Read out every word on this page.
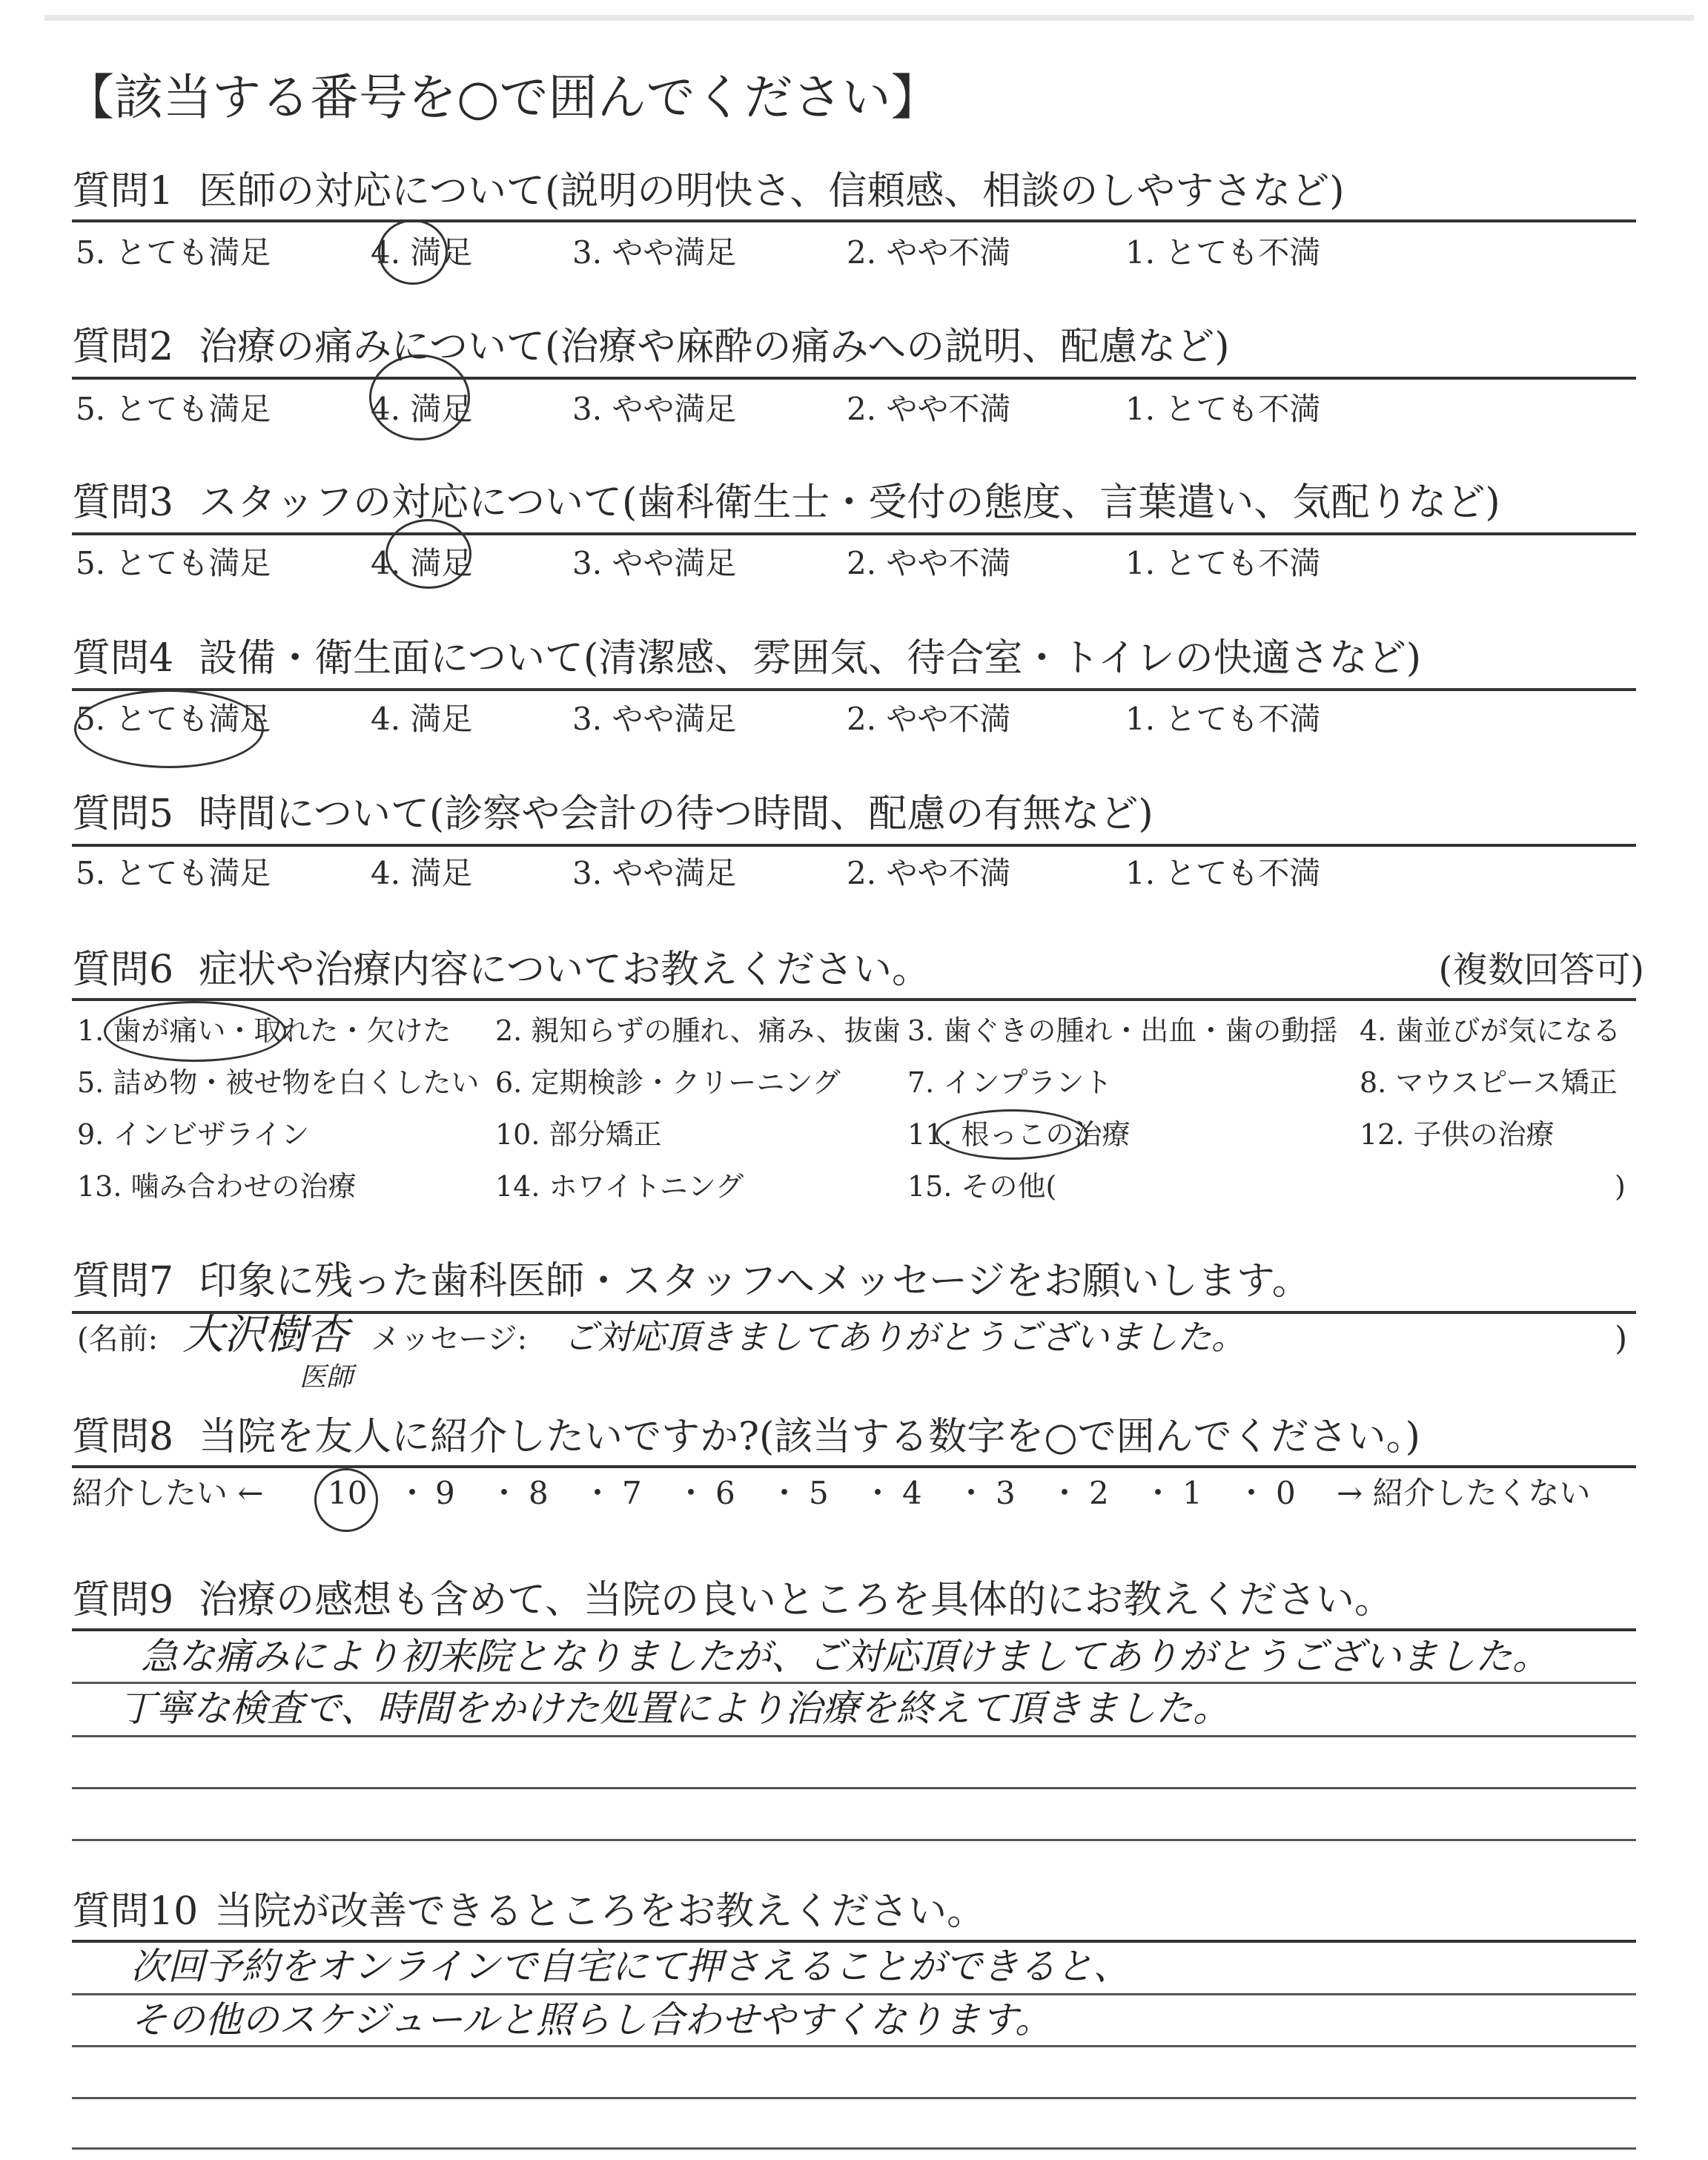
【該当する番号を○で囲んでください】
質問1 医師の対応について(説明の明快さ、信頼感、相談のしやすさなど)
5. とても満足	4. 満足	3. やや満足	2. やや不満	1. とても不満
質問2 治療の痛みについて(治療や麻酔の痛みへの説明、配慮など)
5. とても満足	4. 満足	3. やや満足	2. やや不満	1. とても不満
質問3 スタッフの対応について(歯科衛生士・受付の態度、言葉遣い、気配りなど)
5. とても満足	4. 満足	3. やや満足	2. やや不満	1. とても不満
質問4 設備・衛生面について(清潔感、雰囲気、待合室・トイレの快適さなど)
5. とても満足	4. 満足	3. やや満足	2. やや不満	1. とても不満
質問5 時間について(診察や会計の待つ時間、配慮の有無など)
5. とても満足	4. 満足	3. やや満足	2. やや不満	1. とても不満
質問6 症状や治療内容についてお教えください。	(複数回答可)
1. 歯が痛い・取れた・欠けた 2. 親知らずの腫れ、痛み、抜歯 3. 歯ぐきの腫れ・出血・歯の動揺 4. 歯並びが気になる
5. 詰め物・被せ物を白くしたい 6. 定期検診・クリーニング 7. インプラント	8. マウスピース矯正
9. インビザライン	10. 部分矯正	11. 根っこの治療	12. 子供の治療
13. 噛み合わせの治療	14. ホワイトニング	15. その他(	)
質問7 印象に残った歯科医師・スタッフへメッセージをお願いします。
(名前: 大沢樹杏
医師
メッセージ: ご対応頂きましてありがとうございました。	)
質問8 当院を友人に紹介したいですか?(該当する数字を○で囲んでください。)
紹介したい ← 10 ・ 9 ・ 8 ・ 7 ・ 6 ・ 5 ・ 4 ・ 3 ・ 2 ・ 1 ・ 0 → 紹介したくない
質問9 治療の感想も含めて、当院の良いところを具体的にお教えください。
急な痛みにより初来院となりましたが、ご対応頂けましてありがとうございました。
丁寧な検査で、時間をかけた処置により治療を終えて頂きました。
質問10 当院が改善できるところをお教えください。
次回予約をオンラインで自宅にて押さえることができると、
その他のスケジュールと照らし合わせやすくなります。
